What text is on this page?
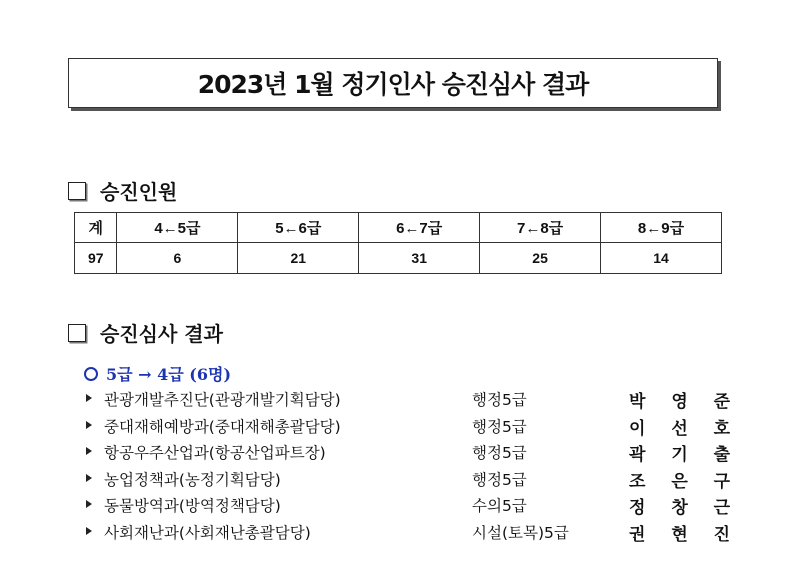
2023년 1월 정기인사 승진심사 결과
승진인원
계	4←5급	5←6급	6←7급	7←8급	8←9급
97	6	21	31	25	14
승진심사 결과
5급 → 4급 (6명)
관광개발추진단(관광개발기획담당)	행정5급	박 영 준
중대재해예방과(중대재해총괄담당)	행정5급	이 선 호
항공우주산업과(항공산업파트장)	행정5급	곽 기 출
농업정책과(농정기획담당)	행정5급	조 은 구
동물방역과(방역정책담당)	수의5급	정 창 근
사회재난과(사회재난총괄담당)	시설(토목)5급	권 현 진
